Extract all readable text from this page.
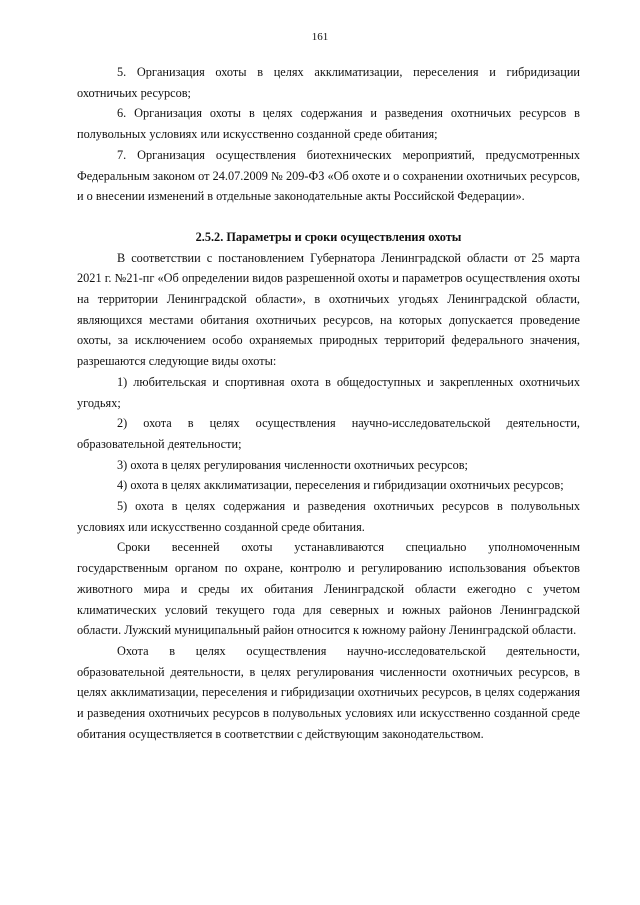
161

5. Организация охоты в целях акклиматизации, переселения и гибридизации охотничьих ресурсов;

6. Организация охоты в целях содержания и разведения охотничьих ресурсов в полувольных условиях или искусственно созданной среде обитания;

7. Организация осуществления биотехнических мероприятий, предусмотренных Федеральным законом от 24.07.2009 № 209-ФЗ «Об охоте и о сохранении охотничьих ресурсов, и о внесении изменений в отдельные законодательные акты Российской Федерации».

2.5.2. Параметры и сроки осуществления охоты

В соответствии с постановлением Губернатора Ленинградской области от 25 марта 2021 г. №21-пг «Об определении видов разрешенной охоты и параметров осуществления охоты на территории Ленинградской области», в охотничьих угодьях Ленинградской области, являющихся местами обитания охотничьих ресурсов, на которых допускается проведение охоты, за исключением особо охраняемых природных территорий федерального значения, разрешаются следующие виды охоты:

1) любительская и спортивная охота в общедоступных и закрепленных охотничьих угодьях;

2) охота в целях осуществления научно-исследовательской деятельности, образовательной деятельности;

3) охота в целях регулирования численности охотничьих ресурсов;

4) охота в целях акклиматизации, переселения и гибридизации охотничьих ресурсов;

5) охота в целях содержания и разведения охотничьих ресурсов в полувольных условиях или искусственно созданной среде обитания.

Сроки весенней охоты устанавливаются специально уполномоченным государственным органом по охране, контролю и регулированию использования объектов животного мира и среды их обитания Ленинградской области ежегодно с учетом климатических условий текущего года для северных и южных районов Ленинградской области. Лужский муниципальный район относится к южному району Ленинградской области.

Охота в целях осуществления научно-исследовательской деятельности, образовательной деятельности, в целях регулирования численности охотничьих ресурсов, в целях акклиматизации, переселения и гибридизации охотничьих ресурсов, в целях содержания и разведения охотничьих ресурсов в полувольных условиях или искусственно созданной среде обитания осуществляется в соответствии с действующим законодательством.
